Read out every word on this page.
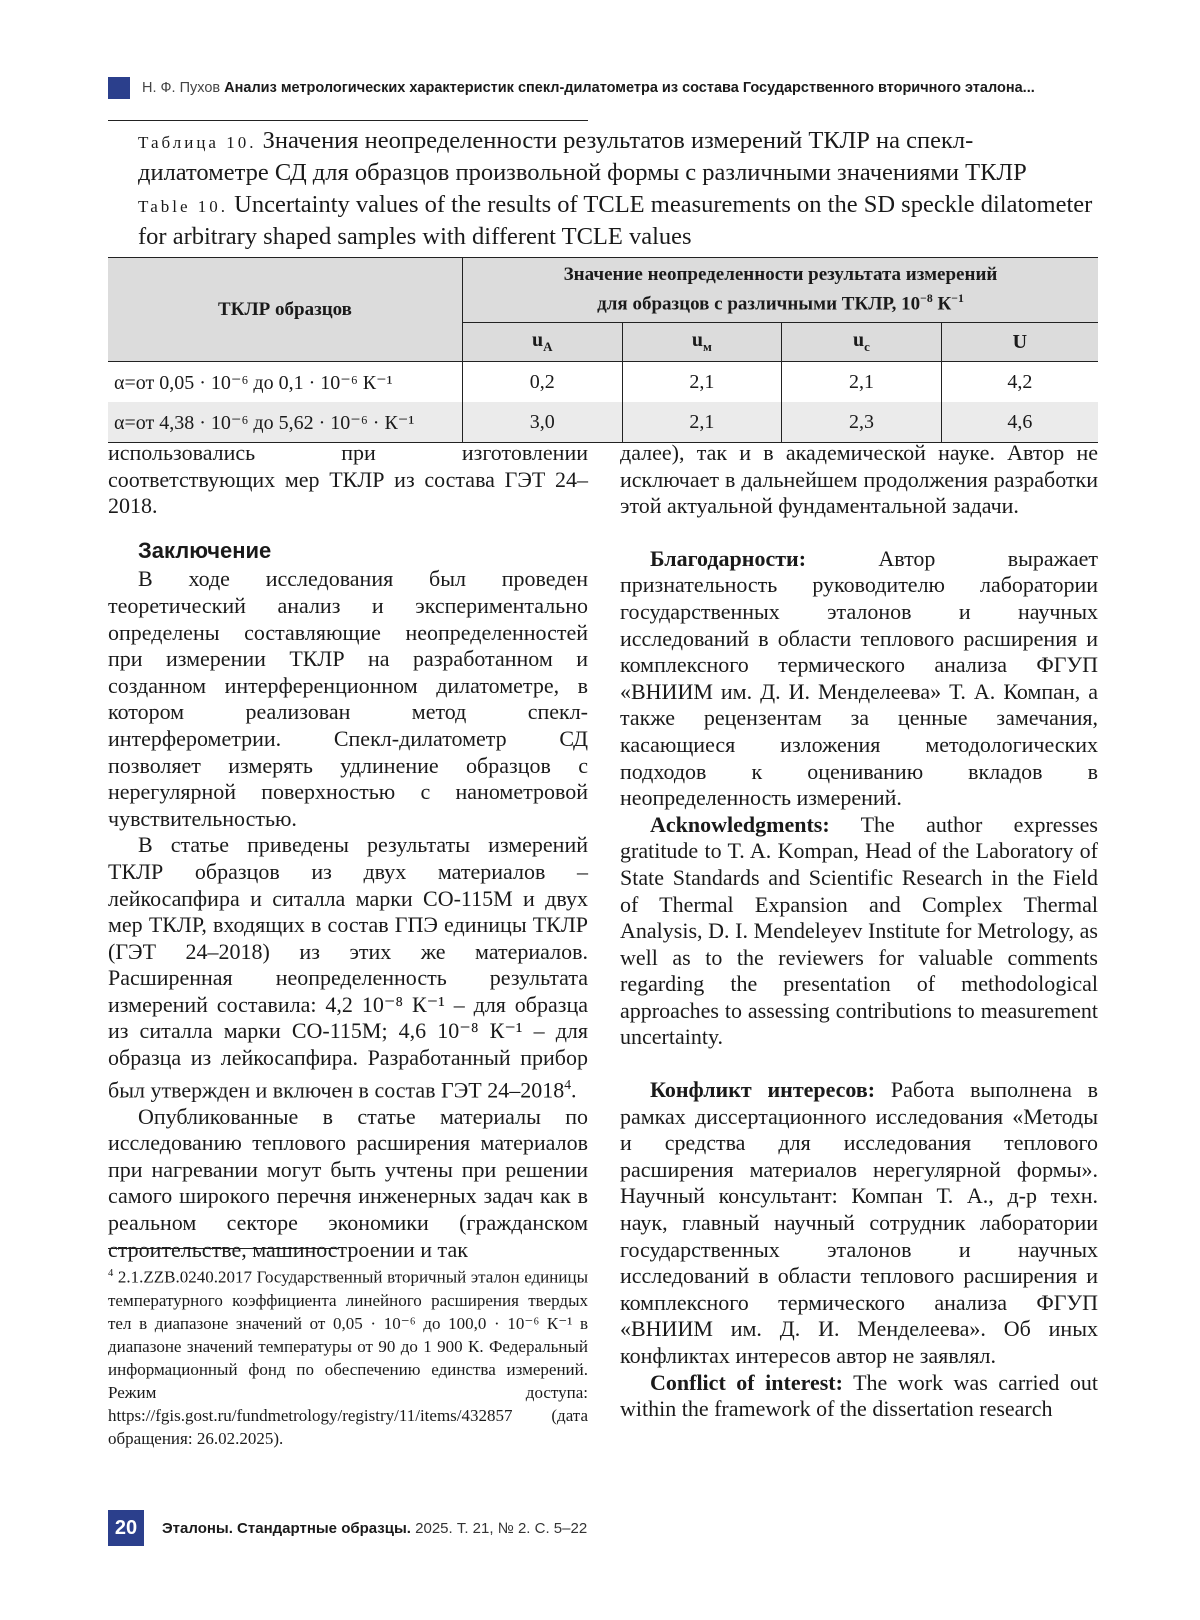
Н. Ф. Пухов Анализ метрологических характеристик спекл-дилатометра из состава Государственного вторичного эталона...
Таблица 10. Значения неопределенности результатов измерений ТКЛР на спекл-дилатометре СД для образцов произвольной формы с различными значениями ТКЛР
Table 10. Uncertainty values of the results of TCLE measurements on the SD speckle dilatometer for arbitrary shaped samples with different TCLE values
ТКЛР образцов	Значение неопределенности результата измерений
для образцов с различными ТКЛР, $10^{-8}$ $К^{-1}$
	$u_A$	$u_м$	$u_c$	U
α=от 0,05 · 10⁻⁶ до 0,1 · 10⁻⁶ К⁻¹	0,2	2,1	2,1	4,2
α=от 4,38 · 10⁻⁶ до 5,62 · 10⁻⁶ · К⁻¹	3,0	2,1	2,3	4,6

использовались при изготовлении соответствующих мер ТКЛР из состава ГЭТ 24–2018.

Заключение

В ходе исследования был проведен теоретический анализ и экспериментально определены составляющие неопределенностей при измерении ТКЛР на разработанном и созданном интерференционном дилатометре, в котором реализован метод спекл-интерферометрии. Спекл-дилатометр СД позволяет измерять удлинение образцов с нерегулярной поверхностью с нанометровой чувствительностью.

В статье приведены результаты измерений ТКЛР образцов из двух материалов – лейкосапфира и ситалла марки СО-115М и двух мер ТКЛР, входящих в состав ГПЭ единицы ТКЛР (ГЭТ 24–2018) из этих же материалов. Расширенная неопределенность результата измерений составила: 4,2 10⁻⁸ К⁻¹ – для образца из ситалла марки СО-115М; 4,6 10⁻⁸ К⁻¹ – для образца из лейкосапфира. Разработанный прибор был утвержден и включен в состав ГЭТ 24–2018$^4$.

Опубликованные в статье материалы по исследованию теплового расширения материалов при нагревании могут быть учтены при решении самого широкого перечня инженерных задач как в реальном секторе экономики (гражданском строительстве, машиностроении и так

$^4$ 2.1.ZZB.0240.2017 Государственный вторичный эталон единицы температурного коэффициента линейного расширения твердых тел в диапазоне значений от 0,05 · 10⁻⁶ до 100,0 · 10⁻⁶ К⁻¹ в диапазоне значений температуры от 90 до 1 900 К. Федеральный информационный фонд по обеспечению единства измерений. Режим доступа: https://fgis.gost.ru/fundmetrology/registry/11/items/432857 (дата обращения: 26.02.2025).

далее), так и в академической науке. Автор не исключает в дальнейшем продолжения разработки этой актуальной фундаментальной задачи.

Благодарности: Автор выражает признательность руководителю лаборатории государственных эталонов и научных исследований в области теплового расширения и комплексного термического анализа ФГУП «ВНИИМ им. Д. И. Менделеева» Т. А. Компан, а также рецензентам за ценные замечания, касающиеся изложения методологических подходов к оцениванию вкладов в неопределенность измерений.

Acknowledgments: The author expresses gratitude to T. A. Kompan, Head of the Laboratory of State Standards and Scientific Research in the Field of Thermal Expansion and Complex Thermal Analysis, D. I. Mendeleyev Institute for Metrology, as well as to the reviewers for valuable comments regarding the presentation of methodological approaches to assessing contributions to measurement uncertainty.

Конфликт интересов: Работа выполнена в рамках диссертационного исследования «Методы и средства для исследования теплового расширения материалов нерегулярной формы». Научный консультант: Компан Т. А., д-р техн. наук, главный научный сотрудник лаборатории государственных эталонов и научных исследований в области теплового расширения и комплексного термического анализа ФГУП «ВНИИМ им. Д. И. Менделеева». Об иных конфликтах интересов автор не заявлял.

Conflict of interest: The work was carried out within the framework of the dissertation research

20	Эталоны. Стандартные образцы. 2025. Т. 21, № 2. С. 5–22
